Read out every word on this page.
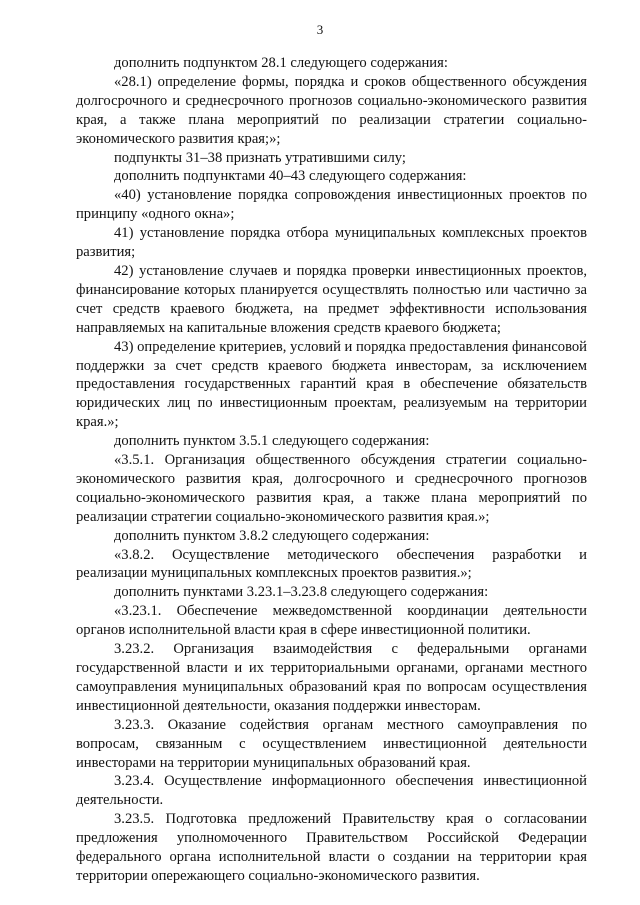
3

дополнить подпунктом 28.1 следующего содержания:

«28.1) определение формы, порядка и сроков общественного обсуждения долгосрочного и среднесрочного прогнозов социально-экономического развития края, а также плана мероприятий по реализации стратегии социально-экономического развития края;»;

подпункты 31–38 признать утратившими силу;

дополнить подпунктами 40–43 следующего содержания:

«40) установление порядка сопровождения инвестиционных проектов по принципу «одного окна»;

41) установление порядка отбора муниципальных комплексных проектов развития;

42) установление случаев и порядка проверки инвестиционных проектов, финансирование которых планируется осуществлять полностью или частично за счет средств краевого бюджета, на предмет эффективности использования направляемых на капитальные вложения средств краевого бюджета;

43) определение критериев, условий и порядка предоставления финансовой поддержки за счет средств краевого бюджета инвесторам, за исключением предоставления государственных гарантий края в обеспечение обязательств юридических лиц по инвестиционным проектам, реализуемым на территории края.»;

дополнить пунктом 3.5.1 следующего содержания:

«3.5.1. Организация общественного обсуждения стратегии социально-экономического развития края, долгосрочного и среднесрочного прогнозов социально-экономического развития края, а также плана мероприятий по реализации стратегии социально-экономического развития края.»;

дополнить пунктом 3.8.2 следующего содержания:

«3.8.2. Осуществление методического обеспечения разработки и реализации муниципальных комплексных проектов развития.»;

дополнить пунктами 3.23.1–3.23.8 следующего содержания:

«3.23.1. Обеспечение межведомственной координации деятельности органов исполнительной власти края в сфере инвестиционной политики.

3.23.2. Организация взаимодействия с федеральными органами государственной власти и их территориальными органами, органами местного самоуправления муниципальных образований края по вопросам осуществления инвестиционной деятельности, оказания поддержки инвесторам.

3.23.3. Оказание содействия органам местного самоуправления по вопросам, связанным с осуществлением инвестиционной деятельности инвесторами на территории муниципальных образований края.

3.23.4. Осуществление информационного обеспечения инвестиционной деятельности.

3.23.5. Подготовка предложений Правительству края о согласовании предложения уполномоченного Правительством Российской Федерации федерального органа исполнительной власти о создании на территории края территории опережающего социально-экономического развития.
